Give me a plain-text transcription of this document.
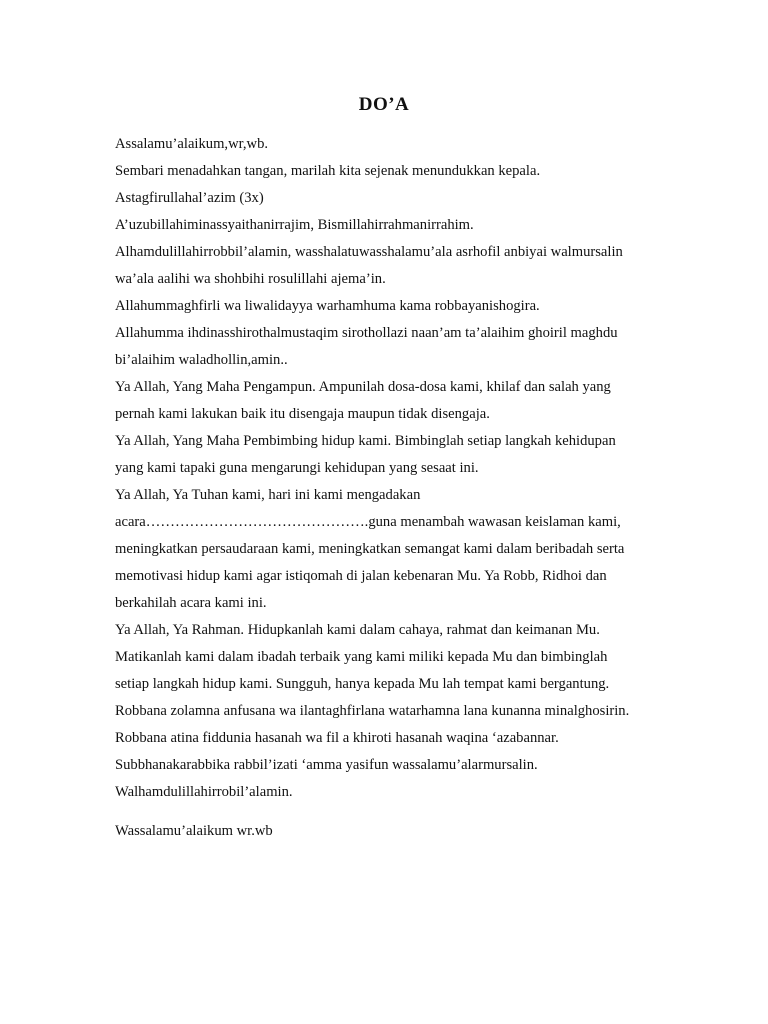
DO’A
Assalamu’alaikum,wr,wb.
Sembari menadahkan tangan, marilah kita sejenak menundukkan kepala.
Astagfirullahal’azim (3x)
A’uzubillahiminassyaithanirrajim, Bismillahirrahmanirrahim.
Alhamdulillahirrobbil’alamin, wasshalatuwasshalamu’ala asrhofil anbiyai walmursalin
wa’ala aalihi wa shohbihi rosulillahi ajema’in.
Allahummaghfirli wa liwalidayya warhamhuma kama robbayanishogira.
Allahumma ihdinasshirothalmustaqim sirothollazi naan’am ta’alaihim ghoiril maghdu
bi’alaihim waladhollin,amin..
Ya Allah, Yang Maha Pengampun. Ampunilah dosa-dosa kami, khilaf dan salah yang
pernah kami lakukan baik itu disengaja maupun tidak disengaja.
Ya Allah, Yang Maha Pembimbing hidup kami. Bimbinglah setiap langkah kehidupan
yang kami tapaki guna mengarungi kehidupan yang sesaat ini.
Ya Allah, Ya Tuhan kami, hari ini kami mengadakan
acara……………………………………….guna menambah wawasan keislaman kami,
meningkatkan persaudaraan kami, meningkatkan semangat kami dalam beribadah serta
memotivasi hidup kami agar istiqomah di jalan kebenaran Mu. Ya Robb, Ridhoi dan
berkahilah acara kami ini.
Ya Allah, Ya Rahman. Hidupkanlah kami dalam cahaya, rahmat dan keimanan Mu.
Matikanlah kami dalam ibadah terbaik yang kami miliki kepada Mu dan bimbinglah
setiap langkah hidup kami. Sungguh, hanya kepada Mu lah tempat kami bergantung.
Robbana zolamna anfusana wa ilantaghfirlana watarhamna lana kunanna minalghosirin.
Robbana atina fiddunia hasanah wa fil a khiroti hasanah waqina ‘azabannar.
Subbhanakarabbika rabbil’izati ‘amma yasifun wassalamu’alarmursalin.
Walhamdulillahirrobil’alamin.
Wassalamu’alaikum wr.wb
